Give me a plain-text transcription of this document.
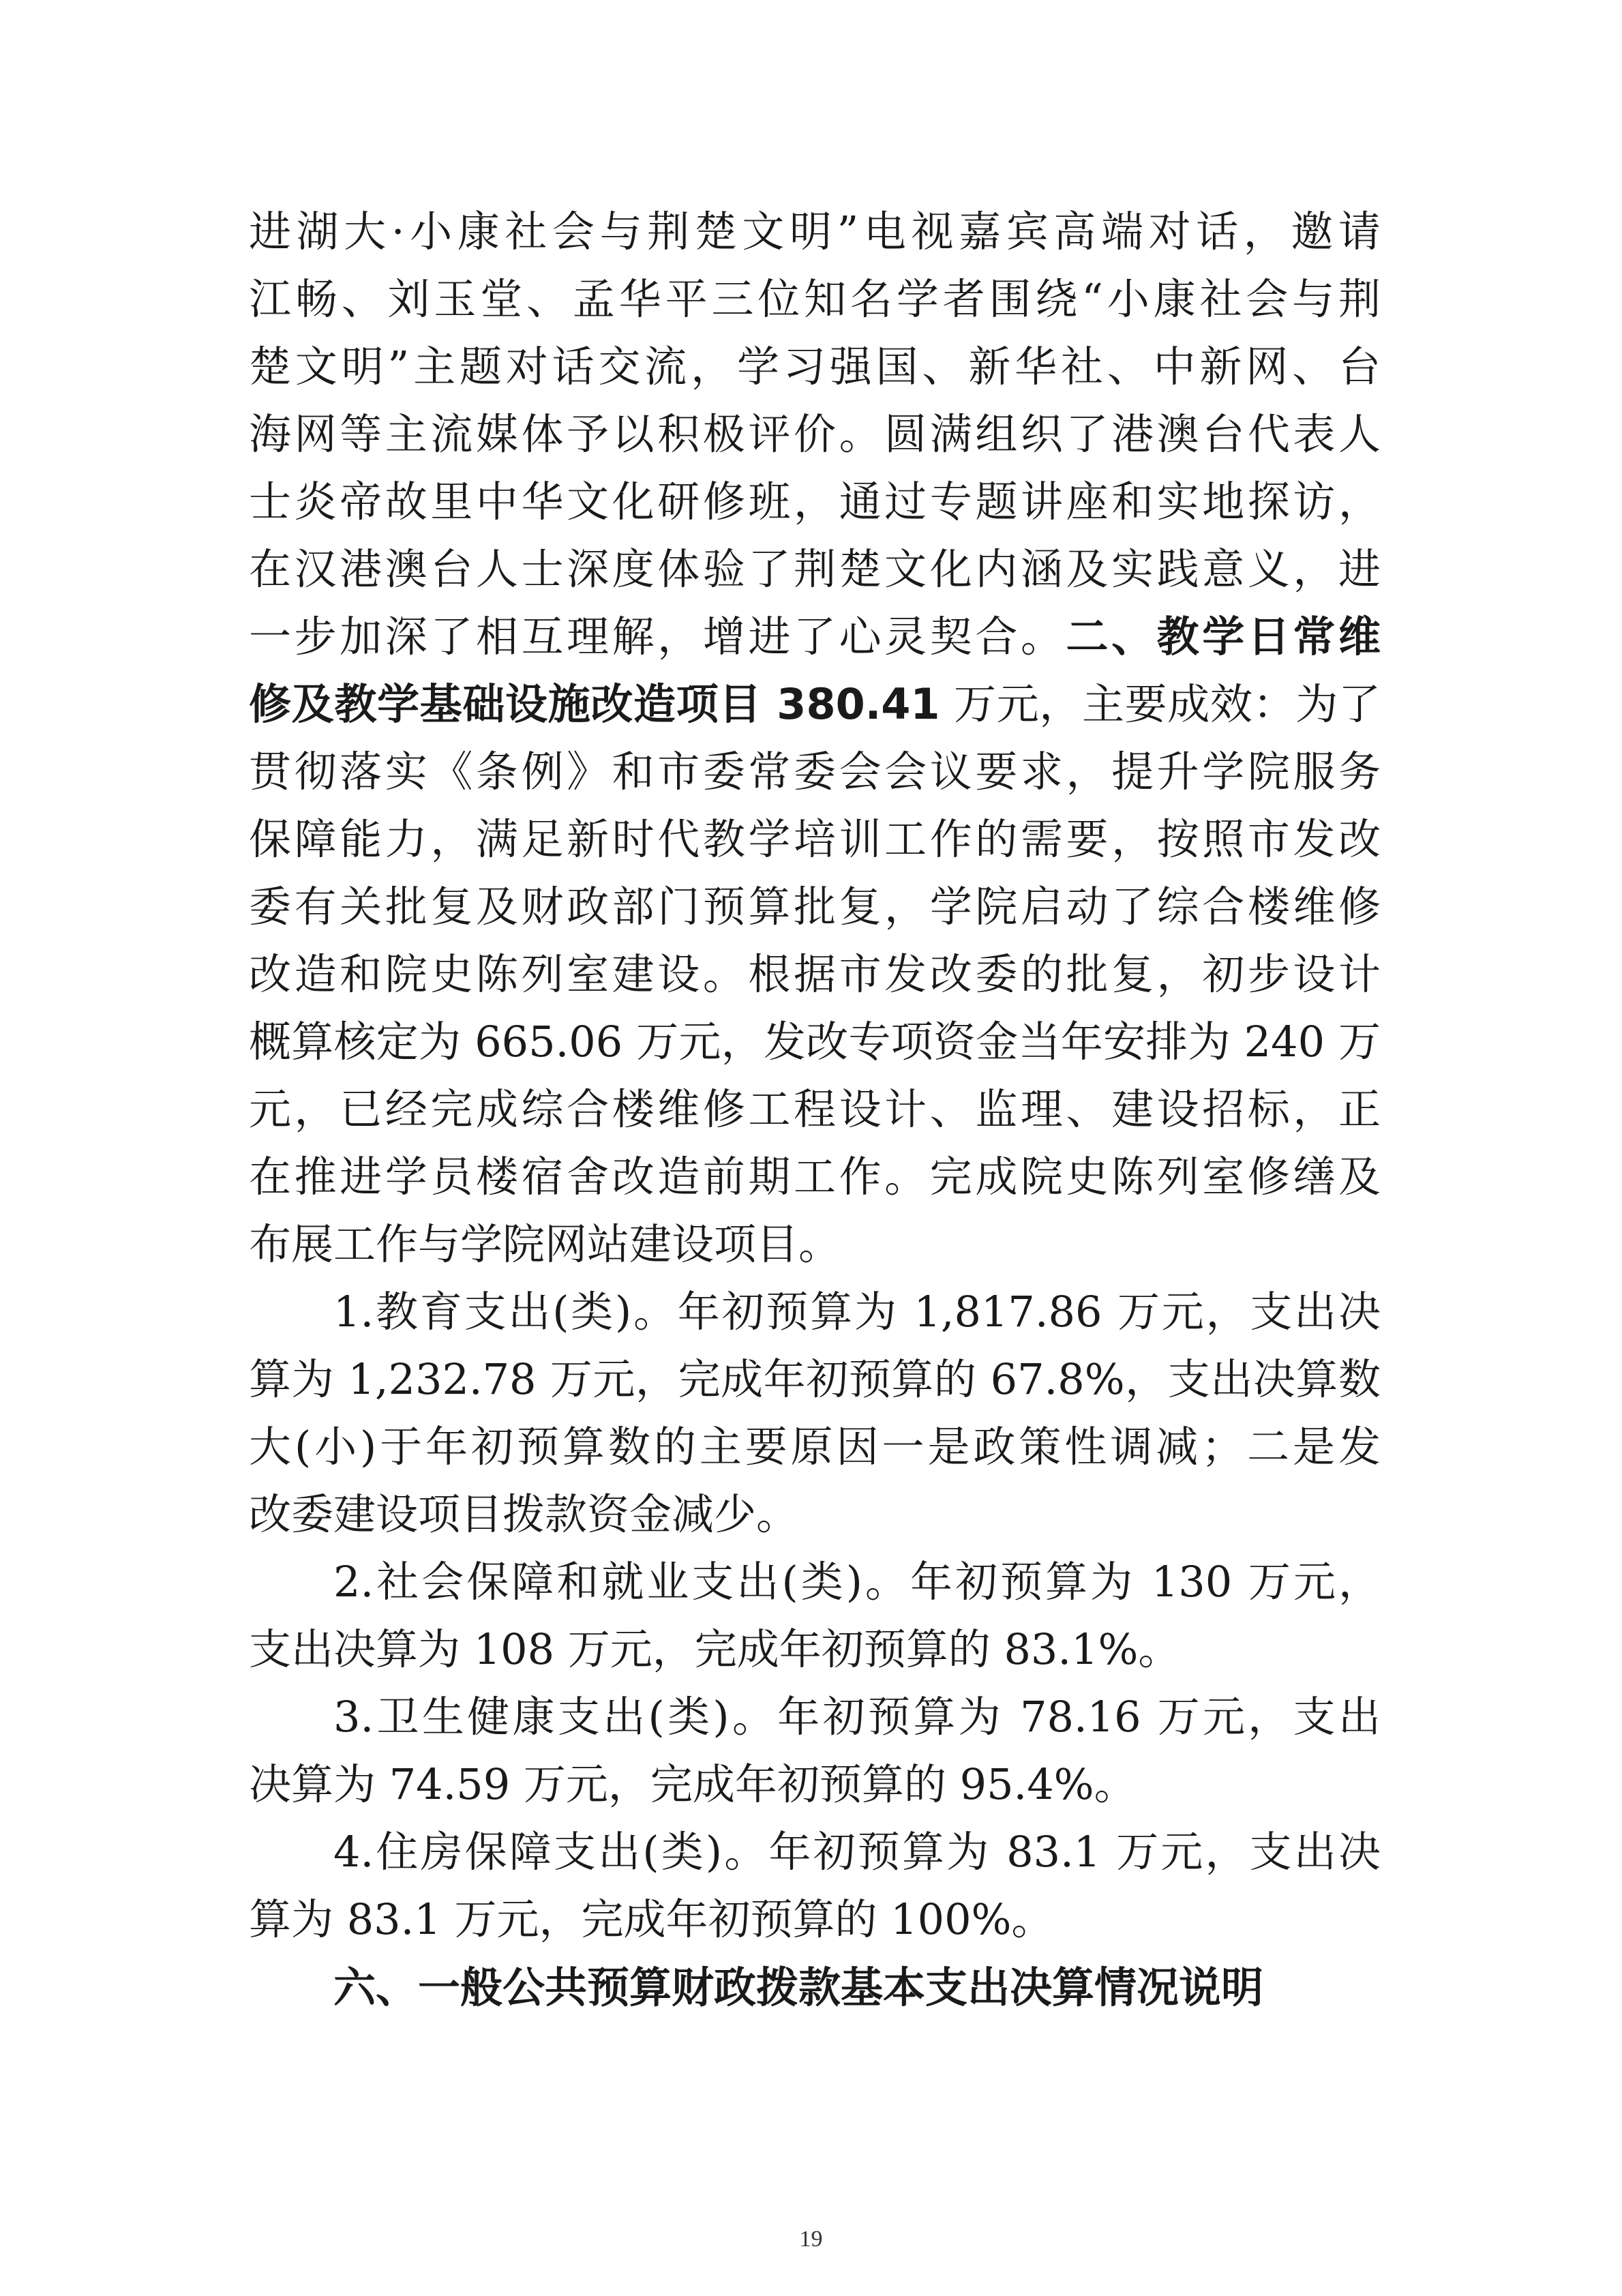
进湖大·小康社会与荆楚文明”电视嘉宾高端对话，邀请
江畅、刘玉堂、孟华平三位知名学者围绕“小康社会与荆
楚文明”主题对话交流，学习强国、新华社、中新网、台
海网等主流媒体予以积极评价。圆满组织了港澳台代表人
士炎帝故里中华文化研修班，通过专题讲座和实地探访，
在汉港澳台人士深度体验了荆楚文化内涵及实践意义，进
一步加深了相互理解，增进了心灵契合。二、教学日常维
修及教学基础设施改造项目 380.41 万元，主要成效：为了
贯彻落实《条例》和市委常委会会议要求，提升学院服务
保障能力，满足新时代教学培训工作的需要，按照市发改
委有关批复及财政部门预算批复，学院启动了综合楼维修
改造和院史陈列室建设。根据市发改委的批复，初步设计
概算核定为 665.06 万元，发改专项资金当年安排为 240 万
元，已经完成综合楼维修工程设计、监理、建设招标，正
在推进学员楼宿舍改造前期工作。完成院史陈列室修缮及
布展工作与学院网站建设项目。
1.教育支出(类)。年初预算为 1,817.86 万元，支出决
算为 1,232.78 万元，完成年初预算的 67.8%，支出决算数
大(小)于年初预算数的主要原因一是政策性调减；二是发
改委建设项目拨款资金减少。
2.社会保障和就业支出(类)。年初预算为 130 万元，
支出决算为 108 万元，完成年初预算的 83.1%。
3.卫生健康支出(类)。年初预算为 78.16 万元，支出
决算为 74.59 万元，完成年初预算的 95.4%。
4.住房保障支出(类)。年初预算为 83.1 万元，支出决
算为 83.1 万元，完成年初预算的 100%。
六、一般公共预算财政拨款基本支出决算情况说明
19
